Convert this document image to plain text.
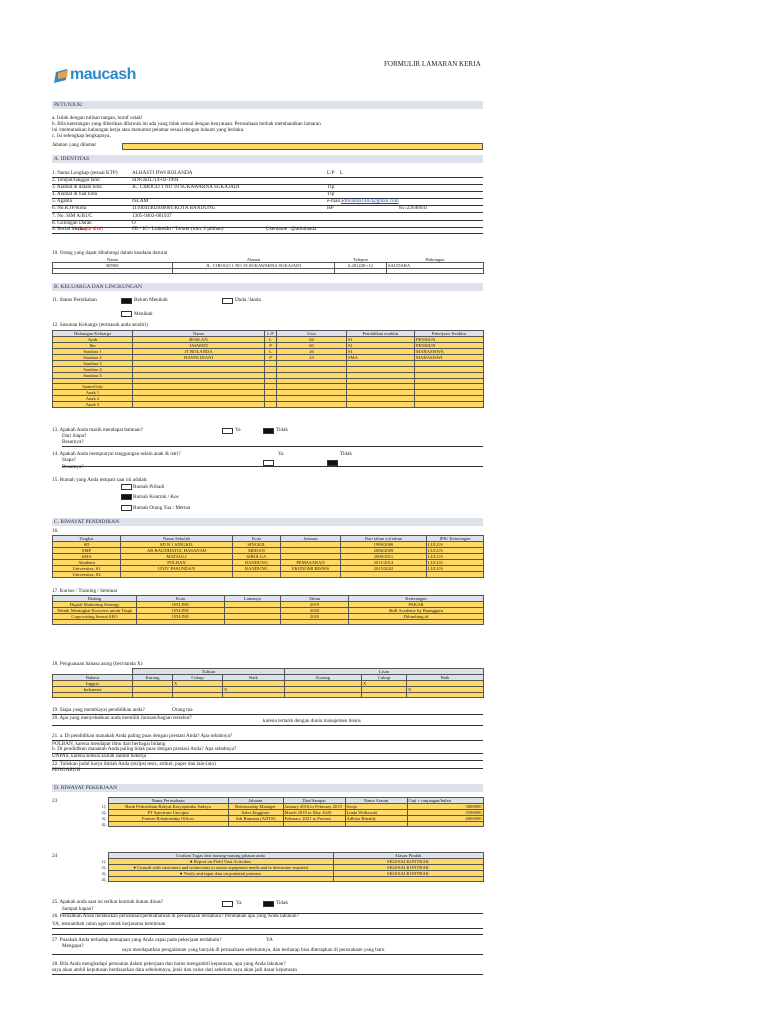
FORMULIR LAMARAN KERJA
maucash
PETUNJUK:
a. Isilah dengan tulisan tangan, huruf cetak!
b. Bila keterangan yang diberikan dibawah ini ada yang tidak sesuai dengan kenyataan. Perusahaan berhak membatalkan lamaran
ini /memutuskan hubungan kerja atau menuntut pelamar sesuai dengan hukum yang berlaku.
c. Isi selengkap lengkapnya.
Jabatan yang dilamar
A. IDENTITAS
1. Nama Lengkap (sesuai KTP)	ALHASTI DWI ROLANDA	L/P L
2. Tempat/tanggal lahir	SINGKIL/14-02-1994
3. Alamat di dalam kota	JL. CIBOGO 1 NO 18 SUKAWARNA SUKAJADI	Tlp
4. Alamat di luar kota	Tlp
5. Agama	ISLAM	e-mail adrolanda1402@gmail.com
6. No.KTP/Kota	1110041402940001/KOTA BANDUNG	HP	85722646041
7. No. SIM A/B1/C	1305-9402-001937
8. Golongan Darah	O
9. Social Media
(wajib diisi)	FB / IG / LinkedIn / Twitter (min. 2 pilihan)	Username : @adrolanda
10. Orang yang dapat dihubungi dalam keadaan darurat
Nama	Alamat	Telepon	Hubungan
BINRI	JL. CIBOGO 1 NO 18 SUKAWARNA SUKAJADI	6,28122E+12	SAUDARA

B. KELUARGA DAN LINGKUNGAN
11. Status Pernikahan	Belum Menikah	Duda /Janda
Menikah
12. Susunan Keluarga (termasuk anda sendiri)
Hubungan Keluarga	Nama	L/P	Usia	Pendidikan terakhir	Pekerjaan Terakhir
Ayah	ROSLAN	L	64	S1	PENSIUN
Ibu	JASWATI	P	60	S1	PENSIUN
Saudara 1	JT ROLANDA	L	26	S1	MAHASISWA
Saudara 2	HANNI DIANI	P	23	SMA	MAHASISWI
Saudara 3					
Saudara 4					
Saudara 5					

Suami/Istri					
Anak 1					
Anak 2					
Anak 3					
13. Apakah Anda masih mendapat bantuan?
Dari Siapa?
Besarnya?
Ya	Tidak
14. Apakah Anda mempunyai tanggungan selain anak & istri?
Siapa?
Besarnya?
Ya	Tidak
15. Rumah yang Anda tempati saat ini adalah:
Rumah Pribadi
Rumah Kontrak / Kos
Rumah Orang Tua / Mertua
C. RIWAYAT PENDIDIKAN
16.
Tingkat	Nama Sekolah	Kota	Jurusan	Dari tahun s/d tahun	IPK/ Keterangan
SD	SD N 1 SINGKIL	SINGKIL		1999/2006	LULUS
SMP	AR-RAUDHATUL HASANAH	MEDAN		2006/2009	LULUS
SMA	MATAULI	SIBOLGA		2009/2011	LULUS
Akademi	POLBAN	BANDUNG	PEMASARAN	2011/2014	LULUS
Universitas, S1	UNIV PASUNDAN	BANDUNG	EKONOMI BISNIS	2015/2022	LULUS
Universitas, S2					
17. Kursus / Training / Seminar
Bidang	Kota	Lamanya	Tahun	Keterangan
Digital Marketing Strategy	ONLINE		2019	PAKAR
Teknik Meningkat Konversi untuk Tingk	ONLINE		2020	Skill Academy by Ruangguru
Copywriting Sesuai SEO	ONLINE		2020	Dibimbing.id

18. Penguasaan bahasa asing (beri/tanda X)
	Tulisan			Lisan		
Bahasa	Kurang	Cukup	Baik	Kurang	Cukup	Baik
Inggris		X			X	
Indonesia			X			X

19. Siapa yang membiayai pendidikan anda?	Orang tua
20. Apa yang menyebabkan anda memilih Jurusan/bagian tersebut?	karena tertarik dengan dunia manajemen bisnis
21. a. Di pendidikan manakah Anda paling puas dengan prestasi Anda? Apa sebabnya?
POLBAN, karena mendapat ilmu dari berbagai bidang
b. Di pendidikan manakah Anda paling tidak puas dengan prestasi Anda? Apa sebabnya?
UNPAS, karena selesai kuliah sambil bekerja
22. Tuliskan judul karya ilmiah Anda (skripsi tesis, artikel, paper dan lain-lain)
PENGARUH
D. RIWAYAT PEKERJAAN
23
		Nama Perusahaan	Jabatan	Dari/Sampai	Nama Atasan	Gaji + tunjangan/bulan
1).	Bank Perkreditan Rakyat Karyajatnika Sadaya	Relationship Manager	January 2016 to February 2019	Sonjo	3000000
2).	PT Spectrum Unicipta	Sales Engginer	March 2019 to May 2020	Linda Widiawati	3500000
3).	Partner Relationship Officer	Adi Bumanu (ANTE)	February 2021 to Present	Adhitia Rinaldy	4000000
4).					
24
		Uraikan Tugas dari masing-masing jabatan anda	Alasan Pindah
1).	● Report on Field Visit Activities	SELESAI KONTRAK
2).	● Consult with customers and technicians to assess equipment needs and to determine required	SELESAI KONTRAK
3).	● Verify and input data on potential partners	SELESAI KONTRAK
4).		
25. Apakah anda saat ini terikat kontrak ikatan dinas?
Sampai kapan?
Ya	Tidak
26. Pernahkah Anda melakukan perubahan/pembaharuan di perusahaan terdahulu? Perubahan apa yang Anda lakukan?
YA, menambah calon agen untuk kerjasama kemitraan
27. Puaskah Anda terhadap kemajuan yang Anda capai pada pekerjaan terdahulu?	YA
Mengapa?
saya mendapatkan pengalaman yang banyak di perusahaan sebelumnya, dan berharap bisa diterapkan di perusahaan yang baru
28. Bila Anda menghadapi persoalan dalam pekerjaan dan harus mengambil keputusan, apa yang Anda lakukan?
saya akan ambil keputusan berdasarkan data sebelumnya, jenis dan value dari sebelum saya akan jadi dasar keputusan
